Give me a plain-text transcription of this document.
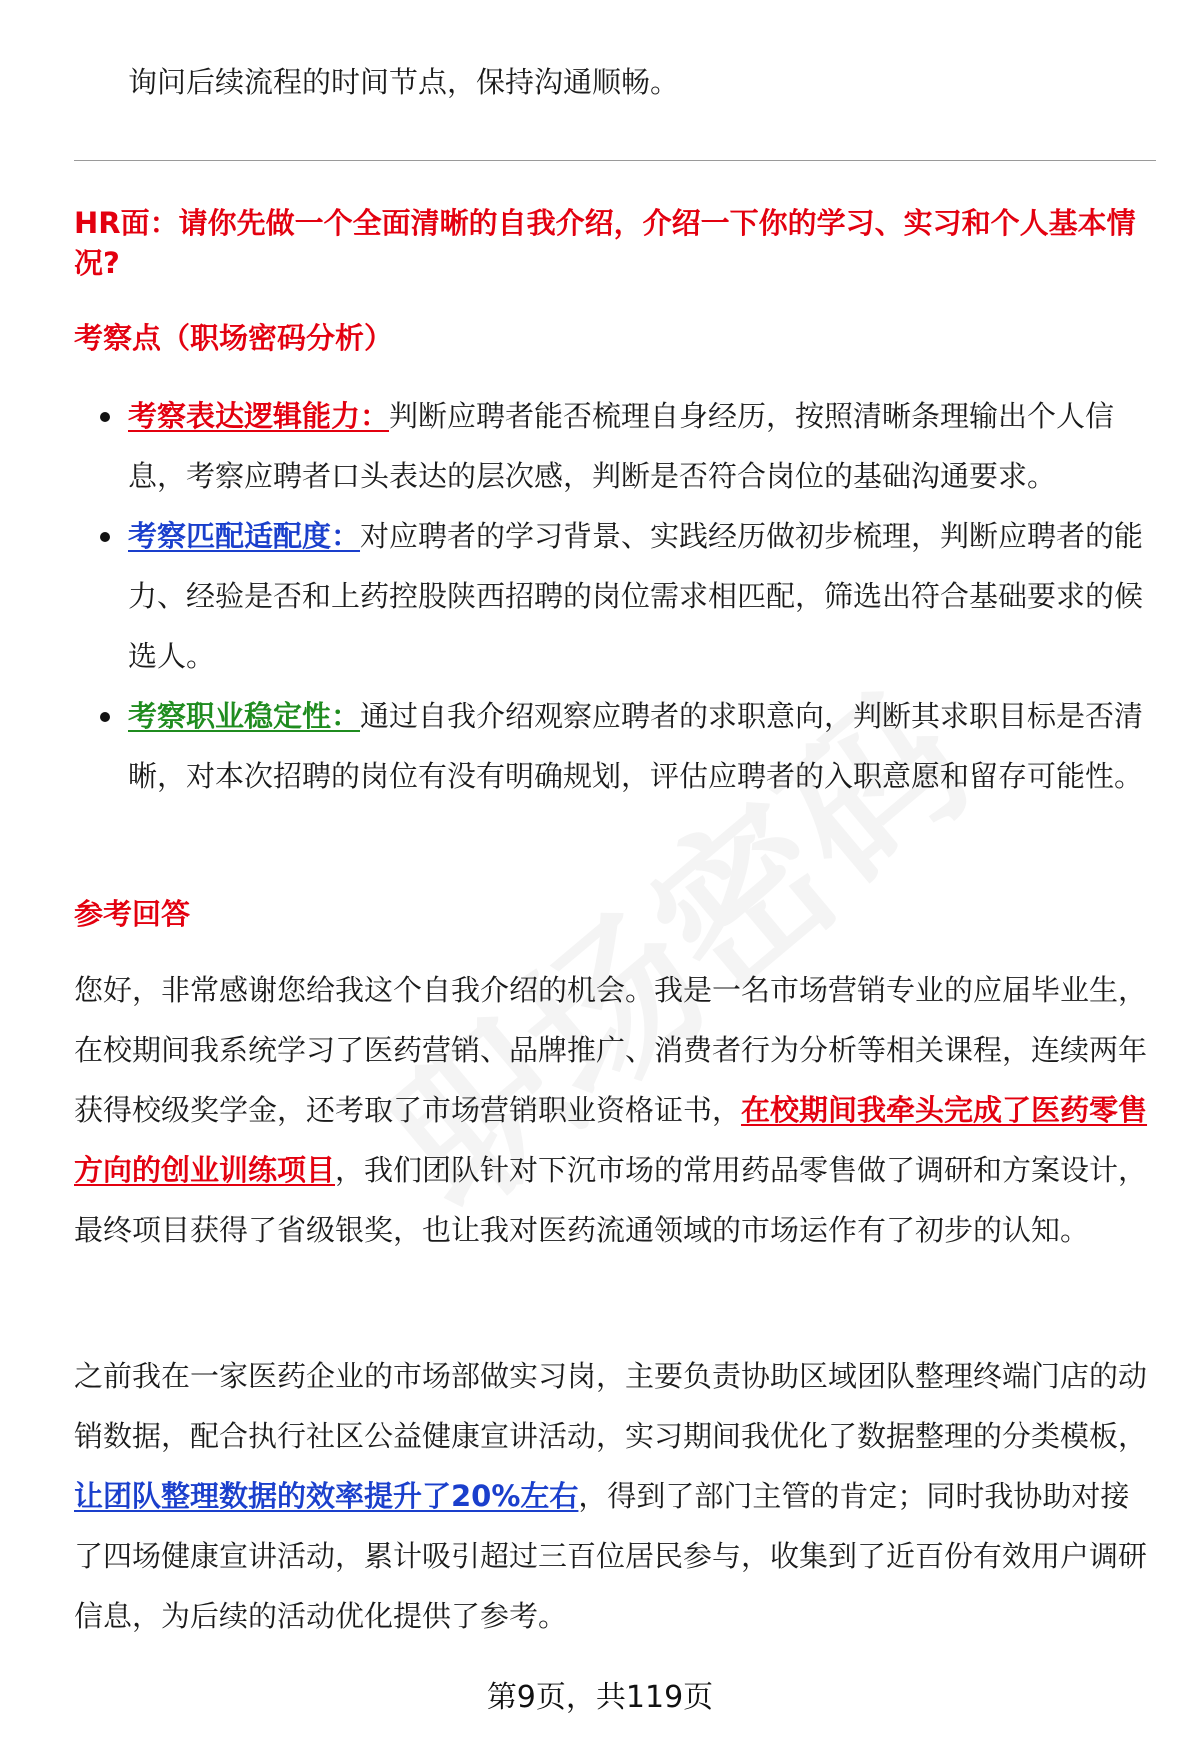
询问后续流程的时间节点，保持沟通顺畅。

HR面：请你先做一个全面清晰的自我介绍，介绍一下你的学习、实习和个人基本情况?

考察点（职场密码分析）

考察表达逻辑能力：判断应聘者能否梳理自身经历，按照清晰条理输出个人信息，考察应聘者口头表达的层次感，判断是否符合岗位的基础沟通要求。
考察匹配适配度：对应聘者的学习背景、实践经历做初步梳理，判断应聘者的能力、经验是否和上药控股陕西招聘的岗位需求相匹配，筛选出符合基础要求的候选人。
考察职业稳定性：通过自我介绍观察应聘者的求职意向，判断其求职目标是否清晰，对本次招聘的岗位有没有明确规划，评估应聘者的入职意愿和留存可能性。

参考回答

您好，非常感谢您给我这个自我介绍的机会。我是一名市场营销专业的应届毕业生，在校期间我系统学习了医药营销、品牌推广、消费者行为分析等相关课程，连续两年获得校级奖学金，还考取了市场营销职业资格证书，在校期间我牵头完成了医药零售方向的创业训练项目，我们团队针对下沉市场的常用药品零售做了调研和方案设计，最终项目获得了省级银奖，也让我对医药流通领域的市场运作有了初步的认知。

之前我在一家医药企业的市场部做实习岗，主要负责协助区域团队整理终端门店的动销数据，配合执行社区公益健康宣讲活动，实习期间我优化了数据整理的分类模板，让团队整理数据的效率提升了20%左右，得到了部门主管的肯定；同时我协助对接了四场健康宣讲活动，累计吸引超过三百位居民参与，收集到了近百份有效用户调研信息，为后续的活动优化提供了参考。

第9页，共119页
